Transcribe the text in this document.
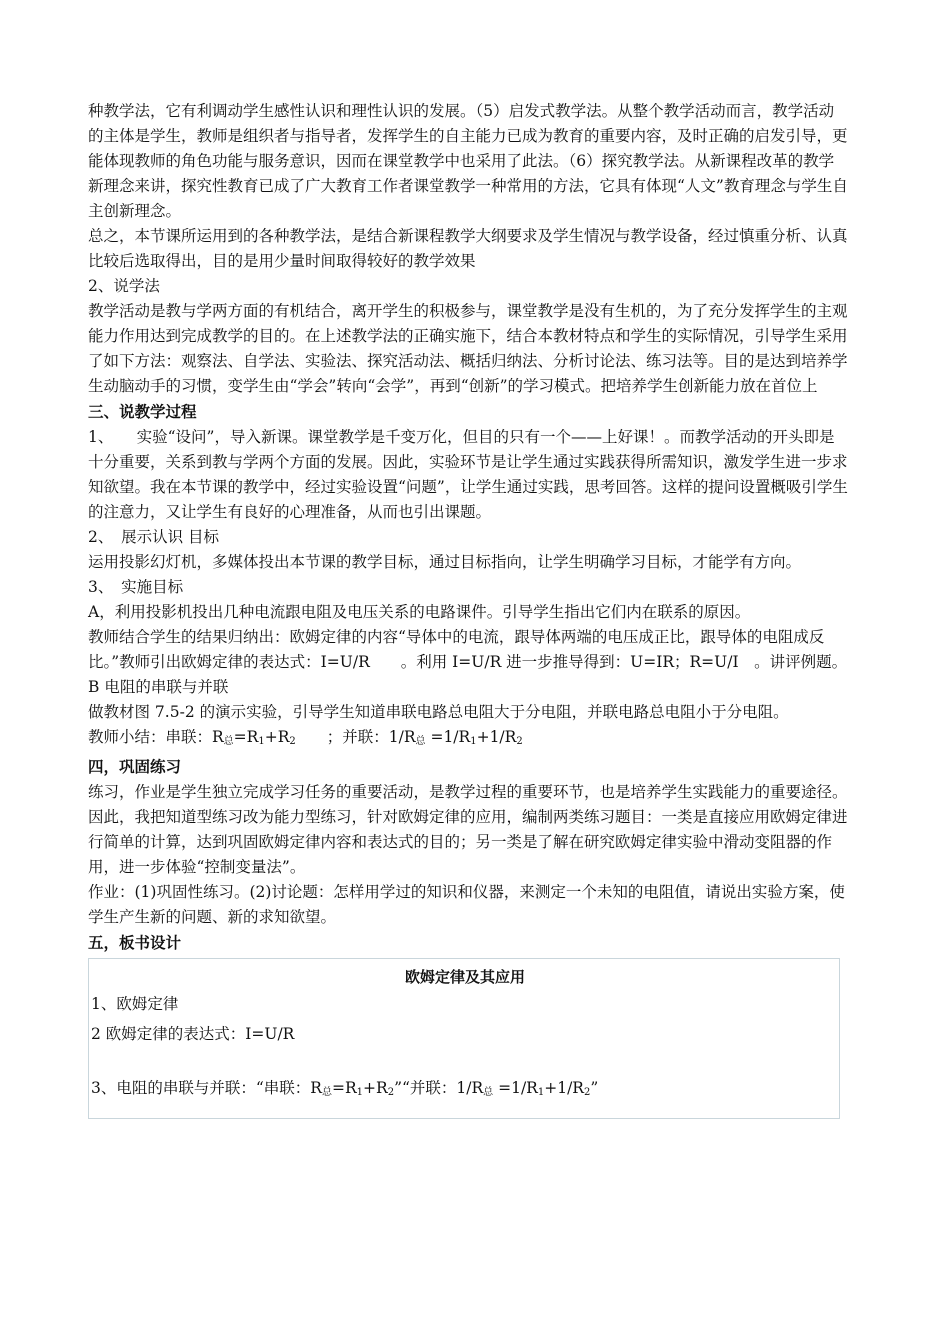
种教学法，它有利调动学生感性认识和理性认识的发展。（5）启发式教学法。从整个教学活动而言，教学活动的主体是学生，教师是组织者与指导者，发挥学生的自主能力已成为教育的重要内容，及时正确的启发引导，更能体现教师的角色功能与服务意识，因而在课堂教学中也采用了此法。（6）探究教学法。从新课程改革的教学新理念来讲，探究性教育已成了广大教育工作者课堂教学一种常用的方法，它具有体现“人文”教育理念与学生自主创新理念。

总之，本节课所运用到的各种教学法，是结合新课程教学大纲要求及学生情况与教学设备，经过慎重分析、认真比较后选取得出，目的是用少量时间取得较好的教学效果

2、说学法

教学活动是教与学两方面的有机结合，离开学生的积极参与，课堂教学是没有生机的，为了充分发挥学生的主观能力作用达到完成教学的目的。在上述教学法的正确实施下，结合本教材特点和学生的实际情况，引导学生采用了如下方法：观察法、自学法、实验法、探究活动法、概括归纳法、分析讨论法、练习法等。目的是达到培养学生动脑动手的习惯，变学生由“学会”转向“会学”，再到“创新”的学习模式。把培养学生创新能力放在首位上

三、说教学过程

1、　　实验“设问”，导入新课。课堂教学是千变万化，但目的只有一个——上好课！。而教学活动的开头即是十分重要，关系到教与学两个方面的发展。因此，实验环节是让学生通过实践获得所需知识，激发学生进一步求知欲望。我在本节课的教学中，经过实验设置“问题”，让学生通过实践，思考回答。这样的提问设置概吸引学生的注意力，又让学生有良好的心理准备，从而也引出课题。

2、　展示认识 目标

运用投影幻灯机，多媒体投出本节课的教学目标，通过目标指向，让学生明确学习目标，才能学有方向。

3、　实施目标

A，利用投影机投出几种电流跟电阻及电压关系的电路课件。引导学生指出它们内在联系的原因。

教师结合学生的结果归纳出：欧姆定律的内容“导体中的电流，跟导体两端的电压成正比，跟导体的电阻成反比。”教师引出欧姆定律的表达式：I=U/R　　。利用 I=U/R 进一步推导得到：U=IR；R=U/I　。讲评例题。

B 电阻的串联与并联

做教材图 7.5-2 的演示实验，引导学生知道串联电路总电阻大于分电阻，并联电路总电阻小于分电阻。

教师小结：串联：R总$=R_1+R_2$　　；并联：1/R总 $=1/R_1+1/R_2$

四，巩固练习

练习，作业是学生独立完成学习任务的重要活动，是教学过程的重要环节，也是培养学生实践能力的重要途径。因此，我把知道型练习改为能力型练习，针对欧姆定律的应用，编制两类练习题目：一类是直接应用欧姆定律进行简单的计算，达到巩固欧姆定律内容和表达式的目的；另一类是了解在研究欧姆定律实验中滑动变阻器的作用，进一步体验“控制变量法”。

作业：(1)巩固性练习。(2)讨论题：怎样用学过的知识和仪器，来测定一个未知的电阻值，请说出实验方案，使学生产生新的问题、新的求知欲望。

五，板书设计
欧姆定律及其应用

1、欧姆定律

2 欧姆定律的表达式：I=U/R

3、电阻的串联与并联：“串联：R总$=R_1+R_2”“$并联：1/R总 $=1/R_1+1/R_2$”
